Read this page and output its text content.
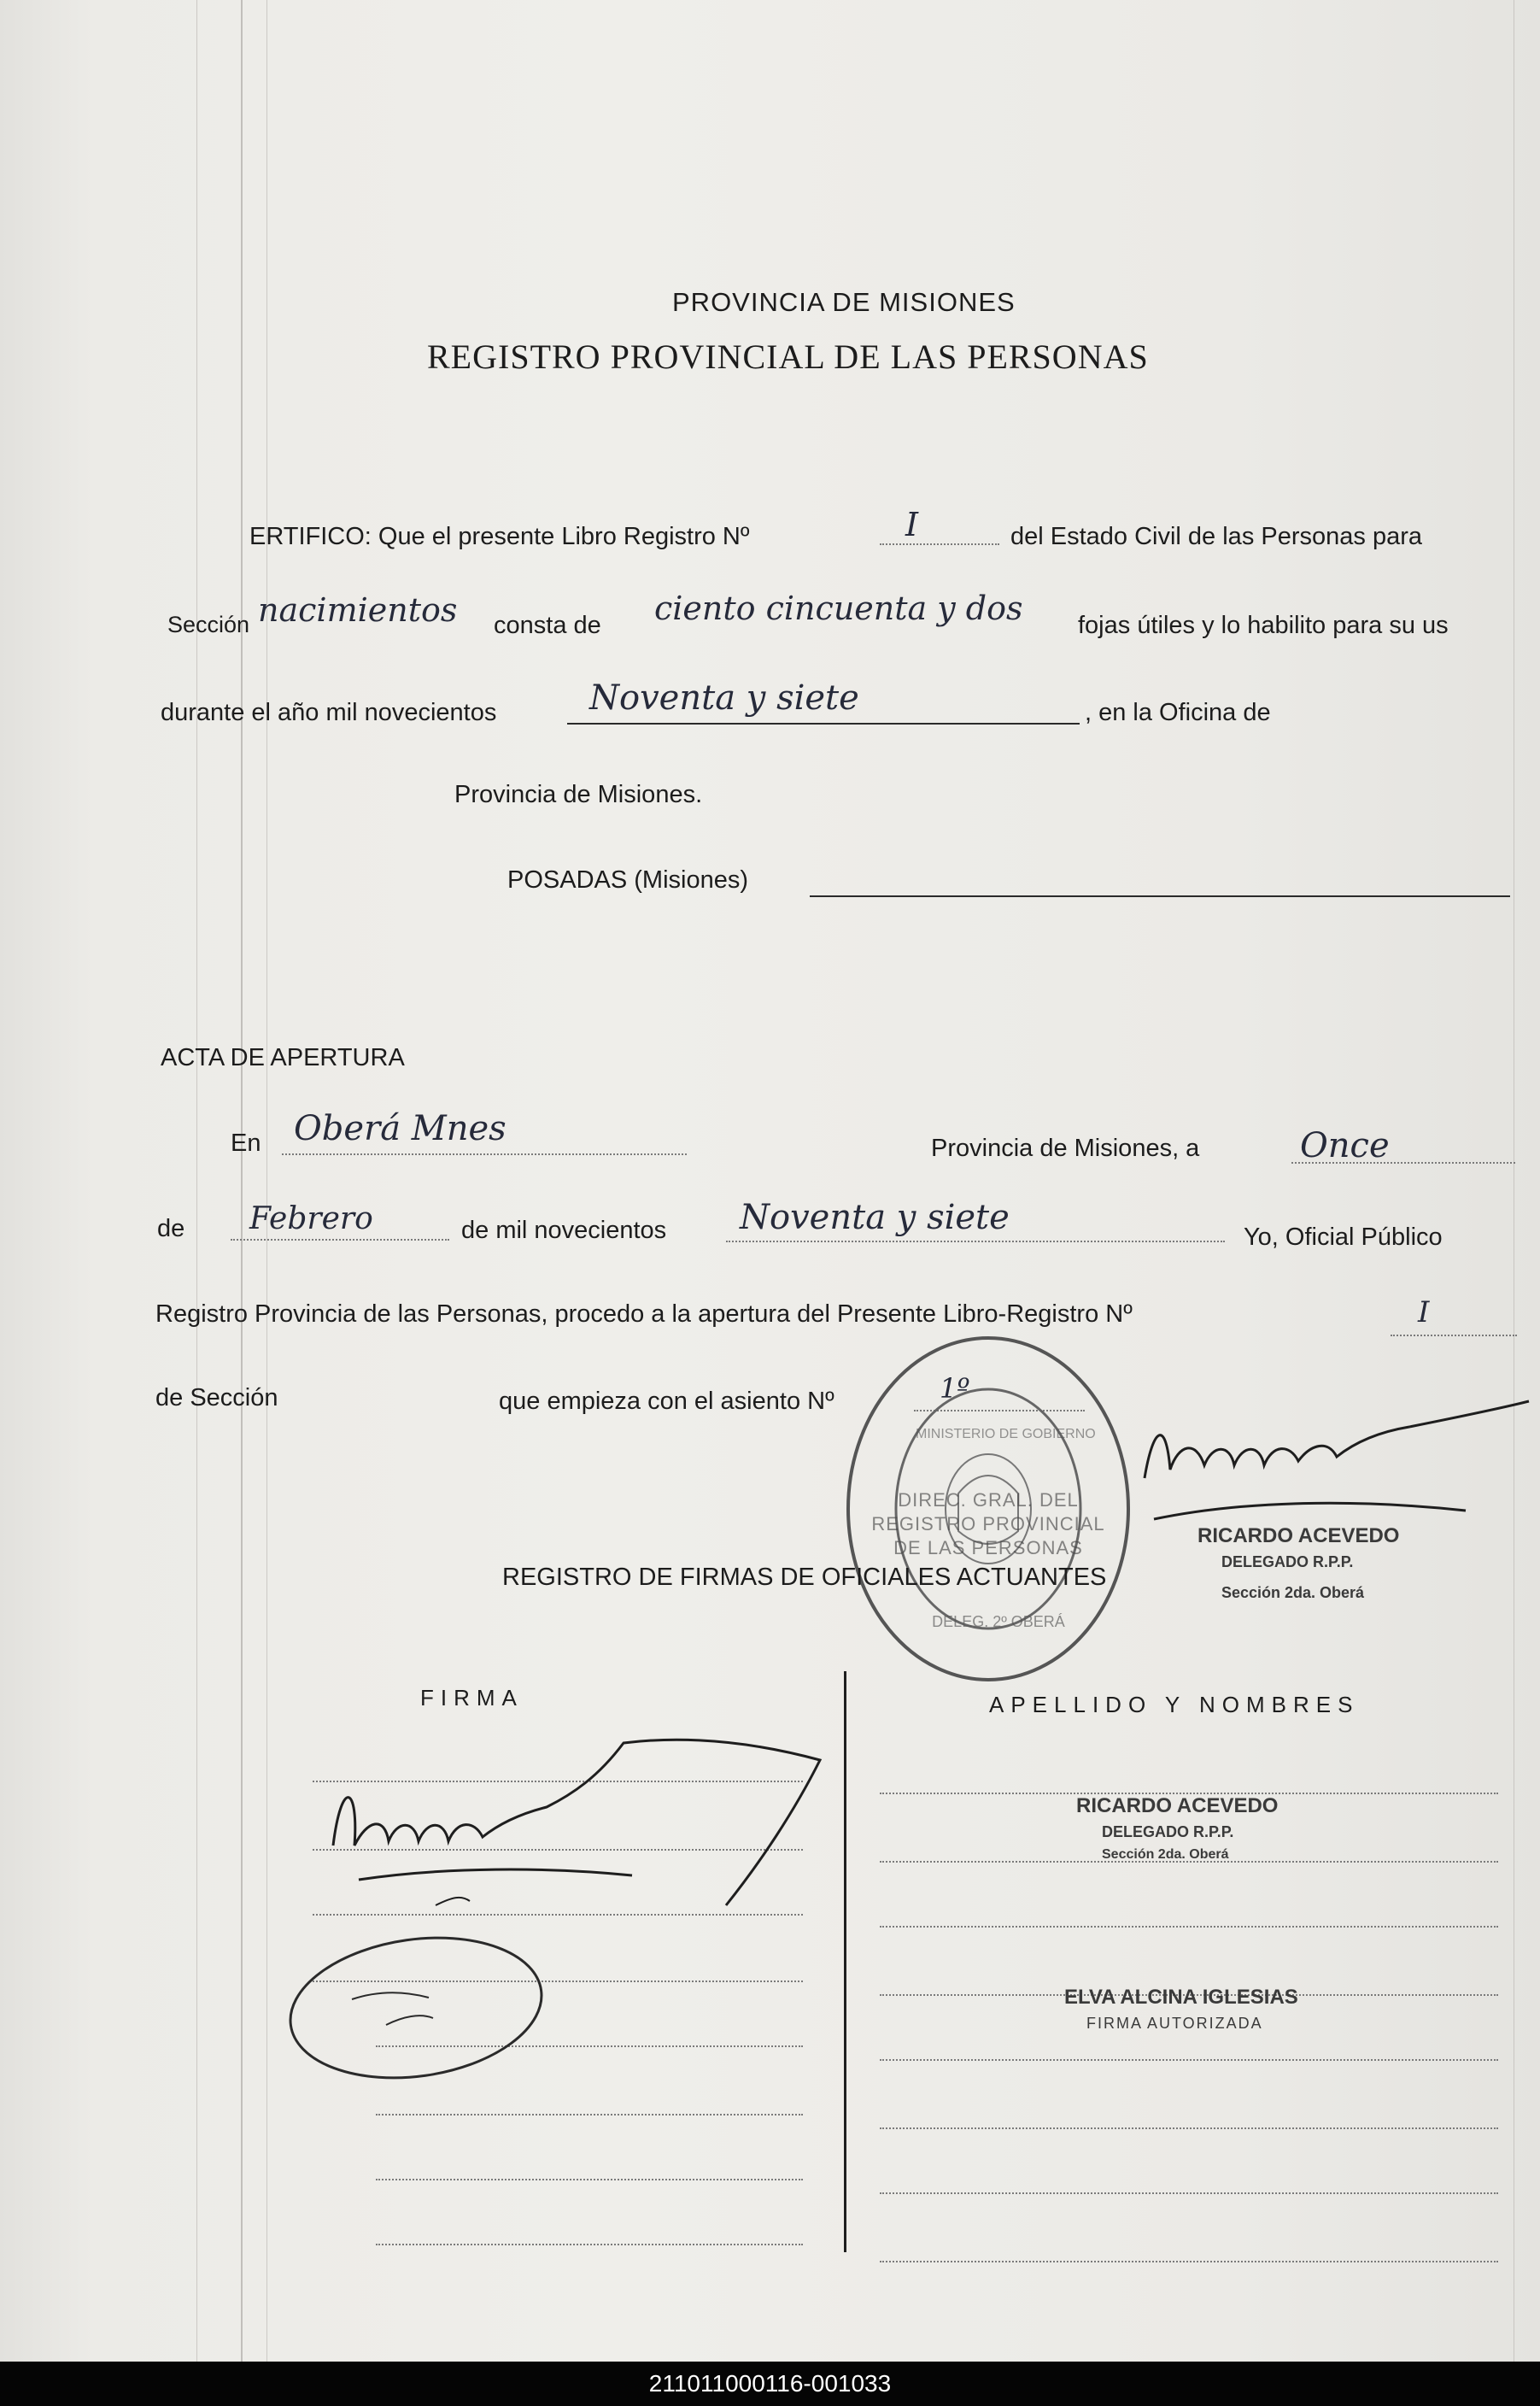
PROVINCIA DE MISIONES
REGISTRO PROVINCIAL DE LAS PERSONAS
ERTIFICO: Que el presente Libro Registro Nº	I	del Estado Civil de las Personas para
Sección nacimientos consta de ciento cincuenta y dos fojas útiles y lo habilito para su us
durante el año mil novecientos	Noventa y siete	, en la Oficina de
Provincia de Misiones.
POSADAS (Misiones)
ACTA DE APERTURA
En Oberá Mnes	Provincia de Misiones, a	Once
de Febrero	de mil novecientos Noventa y siete	Yo, Oficial Público
Registro Provincia de las Personas, procedo a la apertura del Presente Libro-Registro Nº	I
de Sección	que empieza con el asiento Nº	1º
DIREC. GRAL. DEL REGISTRO PROVINCIAL DE LAS PERSONAS
MINISTERIO DE GOBIERNO
DELEG. 2º OBERÁ
RICARDO ACEVEDO
DELEGADO R.P.P.
Sección 2da. Oberá
REGISTRO DE FIRMAS DE OFICIALES ACTUANTES
FIRMA	APELLIDO Y NOMBRES
RICARDO ACEVEDO
DELEGADO R.P.P.
Sección 2da. Oberá
ELVA ALCINA IGLESIAS
FIRMA AUTORIZADA
211011000116-001033
